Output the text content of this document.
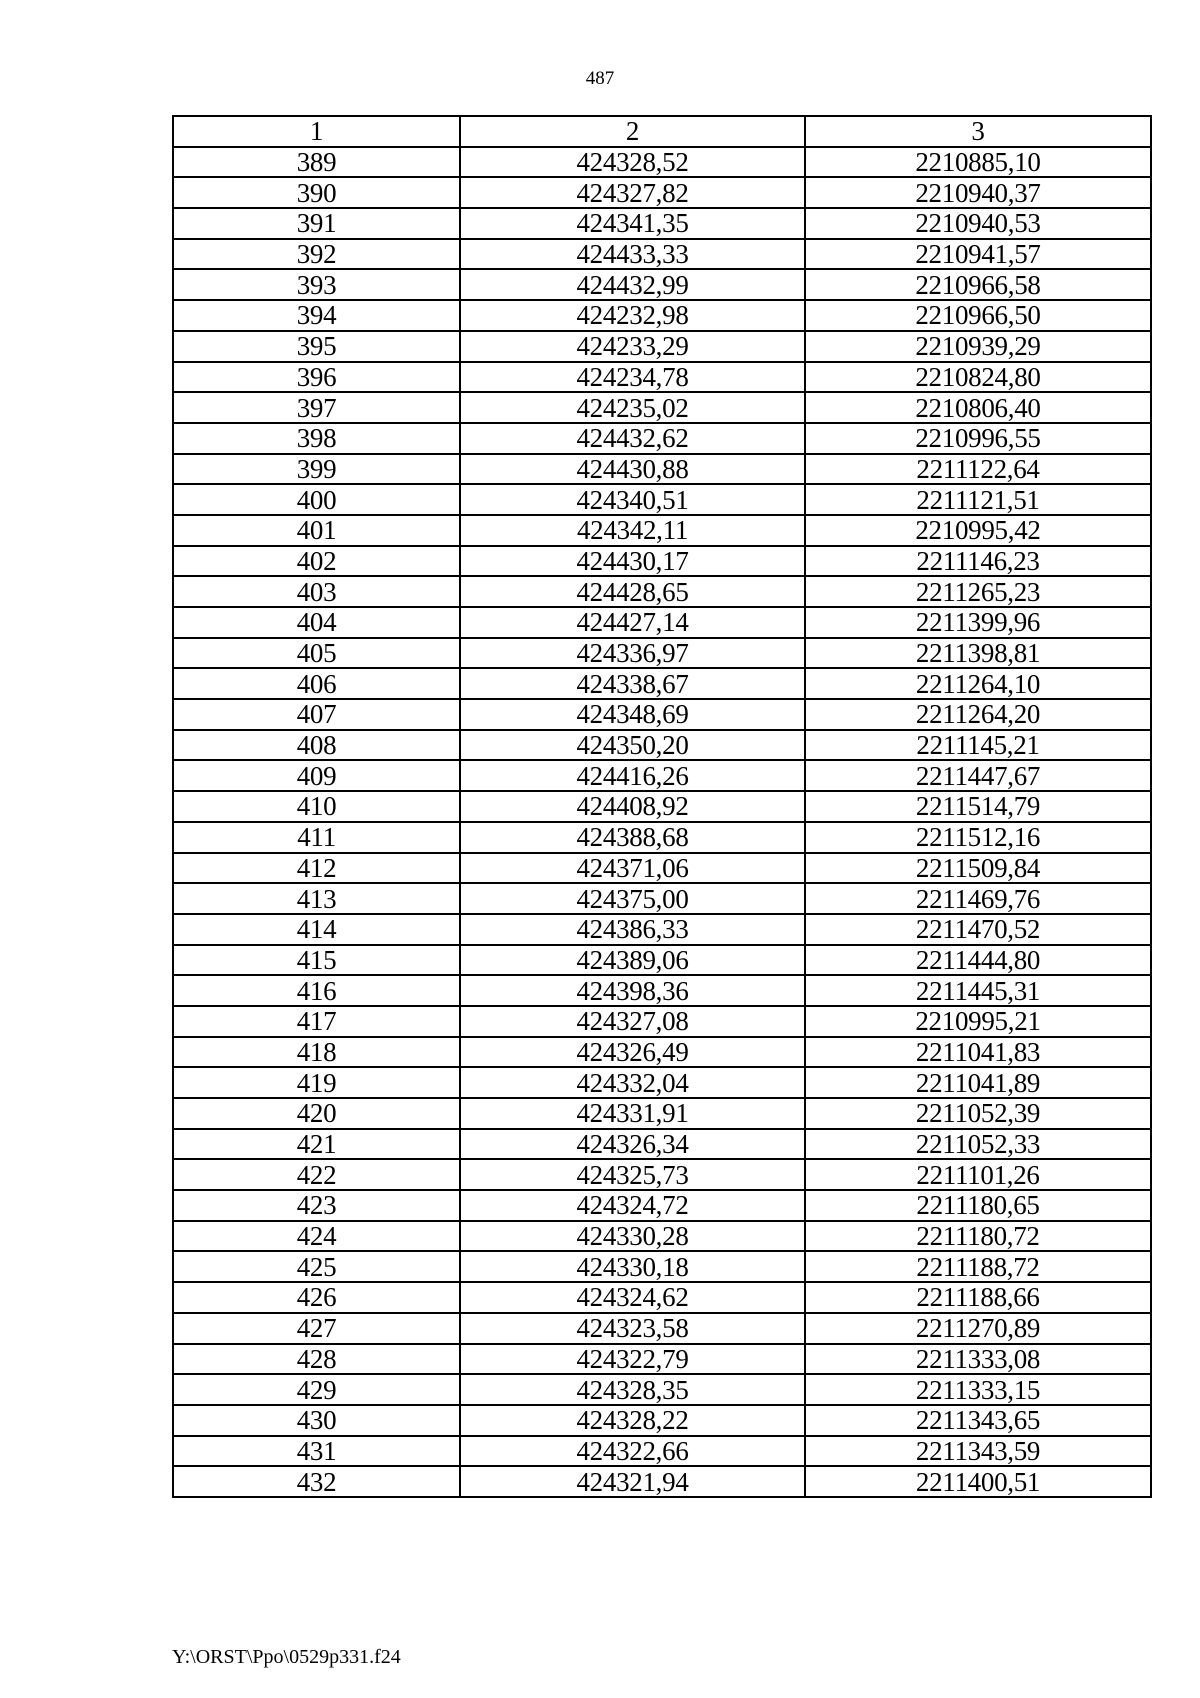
487
1	2	3
389	424328,52	2210885,10
390	424327,82	2210940,37
391	424341,35	2210940,53
392	424433,33	2210941,57
393	424432,99	2210966,58
394	424232,98	2210966,50
395	424233,29	2210939,29
396	424234,78	2210824,80
397	424235,02	2210806,40
398	424432,62	2210996,55
399	424430,88	2211122,64
400	424340,51	2211121,51
401	424342,11	2210995,42
402	424430,17	2211146,23
403	424428,65	2211265,23
404	424427,14	2211399,96
405	424336,97	2211398,81
406	424338,67	2211264,10
407	424348,69	2211264,20
408	424350,20	2211145,21
409	424416,26	2211447,67
410	424408,92	2211514,79
411	424388,68	2211512,16
412	424371,06	2211509,84
413	424375,00	2211469,76
414	424386,33	2211470,52
415	424389,06	2211444,80
416	424398,36	2211445,31
417	424327,08	2210995,21
418	424326,49	2211041,83
419	424332,04	2211041,89
420	424331,91	2211052,39
421	424326,34	2211052,33
422	424325,73	2211101,26
423	424324,72	2211180,65
424	424330,28	2211180,72
425	424330,18	2211188,72
426	424324,62	2211188,66
427	424323,58	2211270,89
428	424322,79	2211333,08
429	424328,35	2211333,15
430	424328,22	2211343,65
431	424322,66	2211343,59
432	424321,94	2211400,51
Y:\ORST\Ppo\0529p331.f24
